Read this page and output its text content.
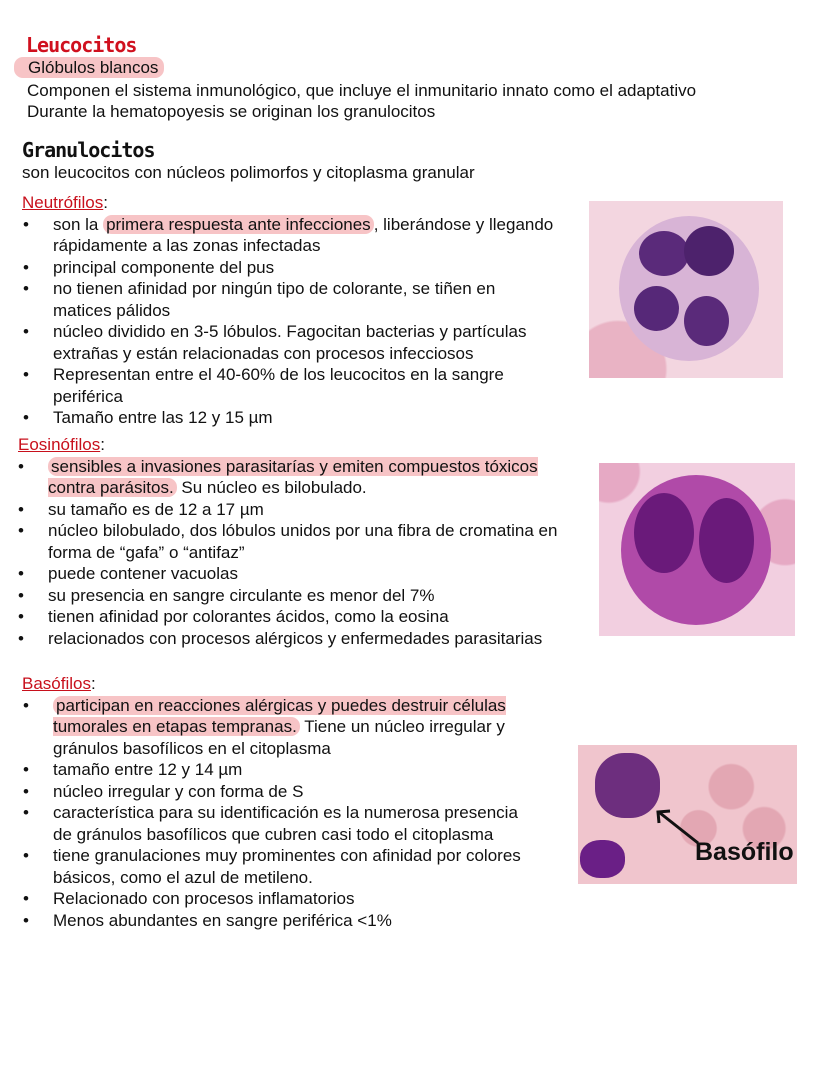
Leucocitos
Glóbulos blancos
Componen el sistema inmunológico, que incluye el inmunitario innato como el adaptativo
Durante la hematopoyesis se originan los granulocitos
Granulocitos
son leucocitos con núcleos polimorfos y citoplasma granular
Neutrófilos:
• son la primera respuesta ante infecciones , liberándose y llegando rápidamente a las zonas infectadas
• principal componente del pus
• no tienen afinidad por ningún tipo de colorante, se tiñen en matices pálidos
• núcleo dividido en 3-5 lóbulos. Fagocitan bacterias y partículas extrañas y están relacionadas con procesos infecciosos
• Representan entre el 40-60% de los leucocitos en la sangre periférica
• Tamaño entre las 12 y 15 µm
Eosinófilos:
• sensibles a invasiones parasitarías y emiten compuestos tóxicos contra parásitos. Su núcleo es bilobulado.
• su tamaño es de 12 a 17 µm
• núcleo bilobulado, dos lóbulos unidos por una fibra de cromatina en forma de “gafa” o “antifaz”
• puede contener vacuolas
• su presencia en sangre circulante es menor del 7%
• tienen afinidad por colorantes ácidos, como la eosina
• relacionados con procesos alérgicos y enfermedades parasitarias
Basófilos:
• participan en reacciones alérgicas y puedes destruir células tumorales en etapas tempranas. Tiene un núcleo irregular y gránulos basofílicos en el citoplasma
• tamaño entre 12 y 14 µm
• núcleo irregular y con forma de S
• característica para su identificación es la numerosa presencia de gránulos basofílicos que cubren casi todo el citoplasma
• tiene granulaciones muy prominentes con afinidad por colores básicos, como el azul de metileno.
• Relacionado con procesos inflamatorios
• Menos abundantes en sangre periférica <1%
Basófilo
